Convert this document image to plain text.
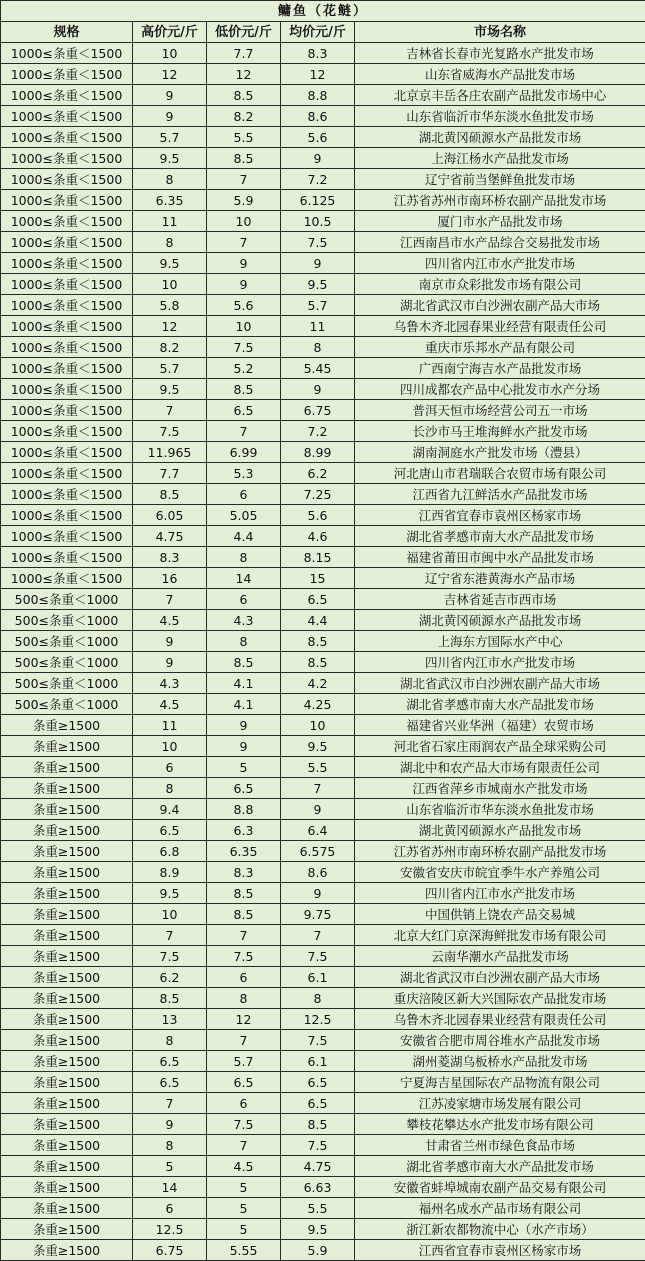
鳙鱼（花鲢）				
规格	高价元/斤	低价元/斤	均价元/斤	市场名称
1000≤条重＜1500	10	7.7	8.3	吉林省长春市光复路水产批发市场
1000≤条重＜1500	12	12	12	山东省威海水产品批发市场
1000≤条重＜1500	9	8.5	8.8	北京京丰岳各庄农副产品批发市场中心
1000≤条重＜1500	9	8.2	8.6	山东省临沂市华东淡水鱼批发市场
1000≤条重＜1500	5.7	5.5	5.6	湖北黄冈硕源水产品批发市场
1000≤条重＜1500	9.5	8.5	9	上海江杨水产品批发市场
1000≤条重＜1500	8	7	7.2	辽宁省前当堡鲜鱼批发市场
1000≤条重＜1500	6.35	5.9	6.125	江苏省苏州市南环桥农副产品批发市场
1000≤条重＜1500	11	10	10.5	厦门市水产品批发市场
1000≤条重＜1500	8	7	7.5	江西南昌市水产品综合交易批发市场
1000≤条重＜1500	9.5	9	9	四川省内江市水产批发市场
1000≤条重＜1500	10	9	9.5	南京市众彩批发市场有限公司
1000≤条重＜1500	5.8	5.6	5.7	湖北省武汉市白沙洲农副产品大市场
1000≤条重＜1500	12	10	11	乌鲁木齐北园春果业经营有限责任公司
1000≤条重＜1500	8.2	7.5	8	重庆市乐邦水产品有限公司
1000≤条重＜1500	5.7	5.2	5.45	广西南宁海吉水产品批发市场
1000≤条重＜1500	9.5	8.5	9	四川成都农产品中心批发市水产分场
1000≤条重＜1500	7	6.5	6.75	普洱天恒市场经营公司五一市场
1000≤条重＜1500	7.5	7	7.2	长沙市马王堆海鲜水产批发市场
1000≤条重＜1500	11.965	6.99	8.99	湖南洞庭水产批发市场（澧县）
1000≤条重＜1500	7.7	5.3	6.2	河北唐山市君瑞联合农贸市场有限公司
1000≤条重＜1500	8.5	6	7.25	江西省九江鲜活水产品批发市场
1000≤条重＜1500	6.05	5.05	5.6	江西省宜春市袁州区杨家市场
1000≤条重＜1500	4.75	4.4	4.6	湖北省孝感市南大水产品批发市场
1000≤条重＜1500	8.3	8	8.15	福建省莆田市闽中水产品批发市场
1000≤条重＜1500	16	14	15	辽宁省东港黄海水产品市场
500≤条重＜1000	7	6	6.5	吉林省延吉市西市场
500≤条重＜1000	4.5	4.3	4.4	湖北黄冈硕源水产品批发市场
500≤条重＜1000	9	8	8.5	上海东方国际水产中心
500≤条重＜1000	9	8.5	8.5	四川省内江市水产批发市场
500≤条重＜1000	4.3	4.1	4.2	湖北省武汉市白沙洲农副产品大市场
500≤条重＜1000	4.5	4.1	4.25	湖北省孝感市南大水产品批发市场
条重≥1500	11	9	10	福建省兴业华洲（福建）农贸市场
条重≥1500	10	9	9.5	河北省石家庄雨润农产品全球采购公司
条重≥1500	6	5	5.5	湖北中和农产品大市场有限责任公司
条重≥1500	8	6.5	7	江西省萍乡市城南水产批发市场
条重≥1500	9.4	8.8	9	山东省临沂市华东淡水鱼批发市场
条重≥1500	6.5	6.3	6.4	湖北黄冈硕源水产品批发市场
条重≥1500	6.8	6.35	6.575	江苏省苏州市南环桥农副产品批发市场
条重≥1500	8.9	8.3	8.6	安徽省安庆市皖宜季牛水产养殖公司
条重≥1500	9.5	8.5	9	四川省内江市水产批发市场
条重≥1500	10	8.5	9.75	中国供销上饶农产品交易城
条重≥1500	7	7	7	北京大红门京深海鲜批发市场有限公司
条重≥1500	7.5	7.5	7.5	云南华潮水产品批发市场
条重≥1500	6.2	6	6.1	湖北省武汉市白沙洲农副产品大市场
条重≥1500	8.5	8	8	重庆涪陵区新大兴国际农产品批发市场
条重≥1500	13	12	12.5	乌鲁木齐北园春果业经营有限责任公司
条重≥1500	8	7	7.5	安徽省合肥市周谷堆水产品批发市场
条重≥1500	6.5	5.7	6.1	湖州菱湖乌板桥水产品批发市场
条重≥1500	6.5	6.5	6.5	宁夏海吉星国际农产品物流有限公司
条重≥1500	7	6	6.5	江苏凌家塘市场发展有限公司
条重≥1500	9	7.5	8.5	攀枝花攀达水产批发市场有限公司
条重≥1500	8	7	7.5	甘肃省兰州市绿色食品市场
条重≥1500	5	4.5	4.75	湖北省孝感市南大水产品批发市场
条重≥1500	14	5	6.63	安徽省蚌埠城南农副产品交易有限公司
条重≥1500	6	5	5.5	福州名成水产品市场有限公司
条重≥1500	12.5	5	9.5	浙江新农都物流中心（水产市场）
条重≥1500	6.75	5.55	5.9	江西省宜春市袁州区杨家市场
